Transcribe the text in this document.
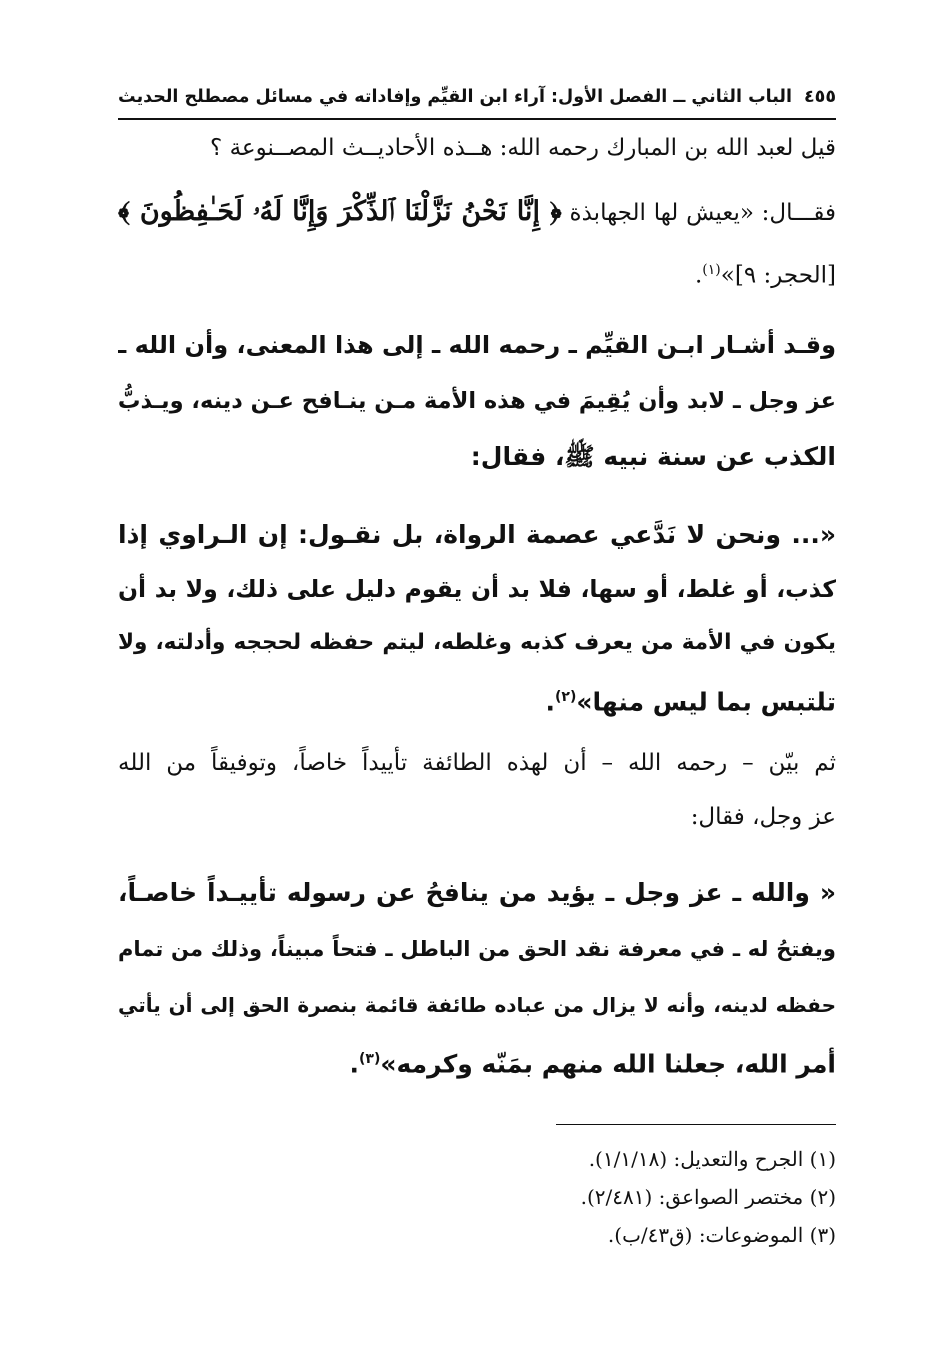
٤٥٥
الباب الثاني ــ الفصل الأول: آراء ابن القيِّم وإفاداته في مسائل مصطلح الحديث
قيل لعبد الله بن المبارك رحمه الله: هــذه الأحاديــث المصــنوعة ؟
فقـــال: «يعيش لها الجهابذة ﴿ إِنَّا نَحْنُ نَزَّلْنَا ٱلذِّكْرَ وَإِنَّا لَهُۥ لَحَـٰفِظُونَ ﴾
[الحجر: ٩]»$^{(١)}$.
وقـد أشـار ابـن القيِّم ـ رحمه الله ـ إلى هذا المعنى، وأن الله ـ
عز وجل ـ لابد وأن يُقِيمَ في هذه الأمة مـن ينـافح عـن دينه، ويـذبُّ
الكذب عن سنة نبيه ﷺ، فقال:
«... ونحن لا نَدَّعي عصمة الرواة، بل نقـول: إن الـراوي إذا
كذب، أو غلط، أو سها، فلا بد أن يقوم دليل على ذلك، ولا بد أن
يكون في الأمة من يعرف كذبه وغلطه، ليتم حفظه لحججه وأدلته، ولا
تلتبس بما ليس منها»$^{(٢)}$.
ثم بيّن – رحمه الله – أن لهذه الطائفة تأييداً خاصاً، وتوفيقاً من الله
عز وجل، فقال:
« والله ـ عز وجل ـ يؤيد من ينافحُ عن رسوله تأييـداً خاصـاً،
ويفتحُ له ـ في معرفة نقد الحق من الباطل ـ فتحاً مبيناً، وذلك من تمام
حفظه لدينه، وأنه لا يزال من عباده طائفة قائمة بنصرة الحق إلى أن يأتي
أمر الله، جعلنا الله منهم بمَنّه وكرمه»$^{(٣)}$.
(١) الجرح والتعديل: (١/١/١٨).
(٢) مختصر الصواعق: (٢/٤٨١).
(٣) الموضوعات: (ق٤٣/ب).
